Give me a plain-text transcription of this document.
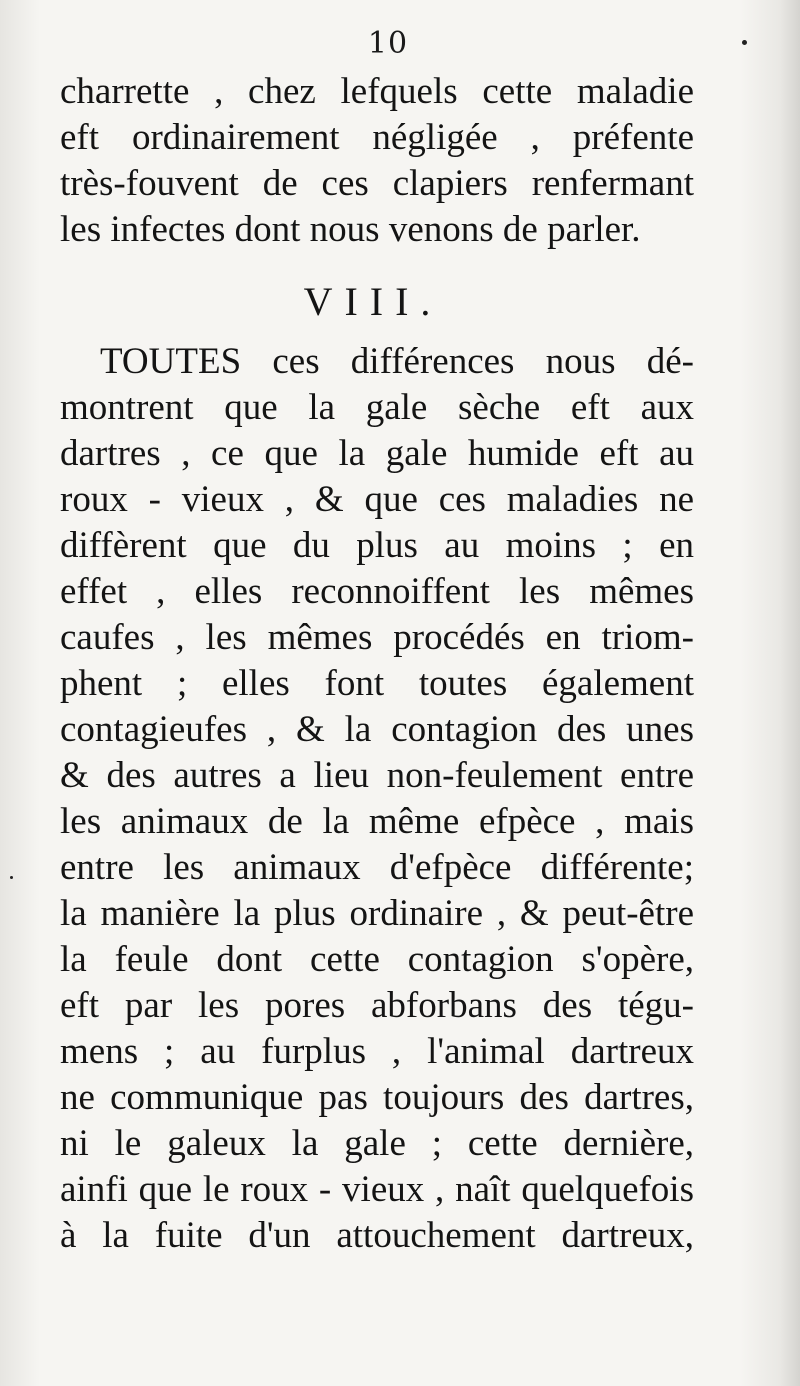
10
charrette , chez lefquels cette maladie
eft ordinairement négligée , préfente
très-fouvent de ces clapiers renfermant
les infectes dont nous venons de parler.
VIII.
TOUTES ces différences nous dé-
montrent que la gale sèche eft aux
dartres , ce que la gale humide eft au
roux - vieux , & que ces maladies ne
diffèrent que du plus au moins ; en
effet , elles reconnoiffent les mêmes
caufes , les mêmes procédés en triom-
phent ; elles font toutes également
contagieufes , & la contagion des unes
& des autres a lieu non-feulement entre
les animaux de la même efpèce , mais
entre les animaux d'efpèce différente;
la manière la plus ordinaire , & peut-être
la feule dont cette contagion s'opère,
eft par les pores abforbans des tégu-
mens ; au furplus , l'animal dartreux
ne communique pas toujours des dartres,
ni le galeux la gale ; cette dernière,
ainfi que le roux - vieux , naît quelquefois
à la fuite d'un attouchement dartreux,
